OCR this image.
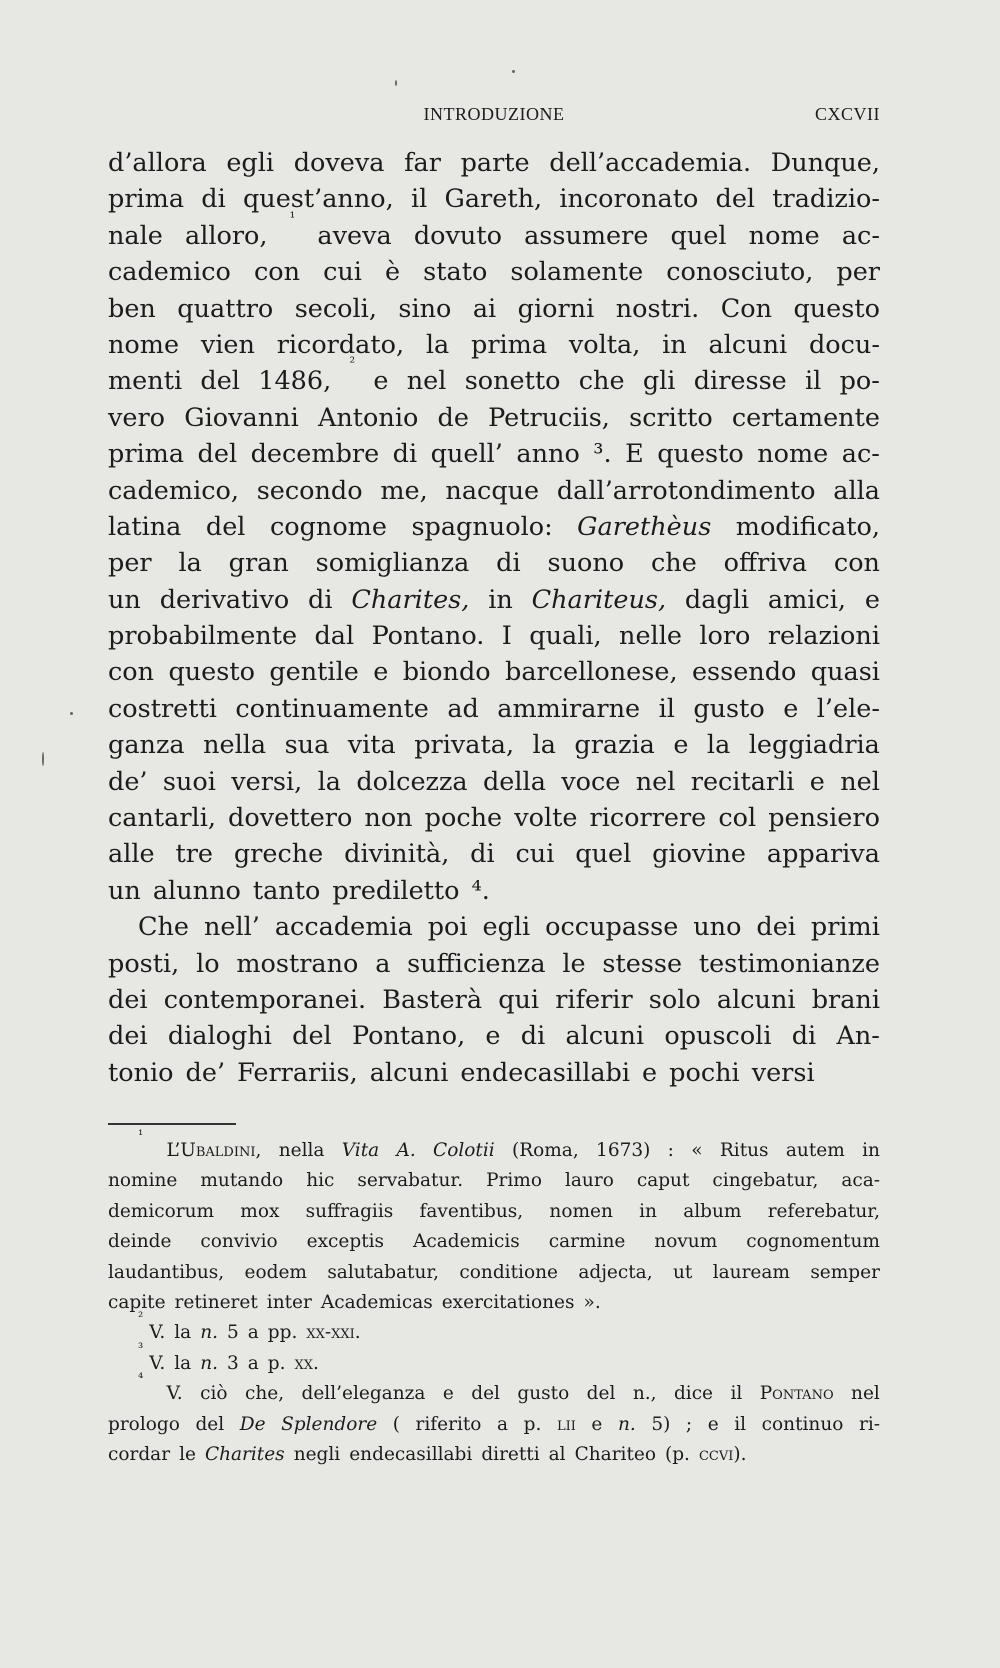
INTRODUZIONE	CXCVII
d’allora egli doveva far parte dell’accademia. Dunque,
prima di quest’anno, il Gareth, incoronato del tradizio-
nale alloro,
¹
aveva dovuto assumere quel nome ac-
cademico con cui è stato solamente conosciuto, per
ben quattro secoli, sino ai giorni nostri. Con questo
nome vien ricordato, la prima volta, in alcuni docu-
menti del 1486,
²
e nel sonetto che gli diresse il po-
vero Giovanni Antonio de Petruciis, scritto certamente
prima del decembre di quell’ anno ³. E questo nome ac-
cademico, secondo me, nacque dall’arrotondimento alla
latina del cognome spagnuolo: Garethèus modificato,
per la gran somiglianza di suono che offriva con
un derivativo di Charites, in Chariteus, dagli amici, e
probabilmente dal Pontano. I quali, nelle loro relazioni
con questo gentile e biondo barcellonese, essendo quasi
costretti continuamente ad ammirarne il gusto e l’ele-
ganza nella sua vita privata, la grazia e la leggiadria
de’ suoi versi, la dolcezza della voce nel recitarli e nel
cantarli, dovettero non poche volte ricorrere col pensiero
alle tre greche divinità, di cui quel giovine appariva
un alunno tanto prediletto ⁴.
Che nell’ accademia poi egli occupasse uno dei primi
posti, lo mostrano a sufficienza le stesse testimonianze
dei contemporanei. Basterà qui riferir solo alcuni brani
dei dialoghi del Pontano, e di alcuni opuscoli di An-
tonio de’ Ferrariis, alcuni endecasillabi e pochi versi
¹
L’Ubaldini, nella Vita A. Colotii (Roma, 1673) : « Ritus autem in
nomine mutando hic servabatur. Primo lauro caput cingebatur, aca-
demicorum mox suffragiis faventibus, nomen in album referebatur,
deinde convivio exceptis Academicis carmine novum cognomentum
laudantibus, eodem salutabatur, conditione adjecta, ut lauream semper
capite retineret inter Academicas exercitationes ».
²
V. la n. 5 a pp. xx-xxi.
³
V. la n. 3 a p. xx.
⁴
V. ciò che, dell’eleganza e del gusto del n., dice il Pontano nel
prologo del De Splendore ( riferito a p. lii e n. 5) ; e il continuo ri-
cordar le Charites negli endecasillabi diretti al Chariteo (p. ccvi).
